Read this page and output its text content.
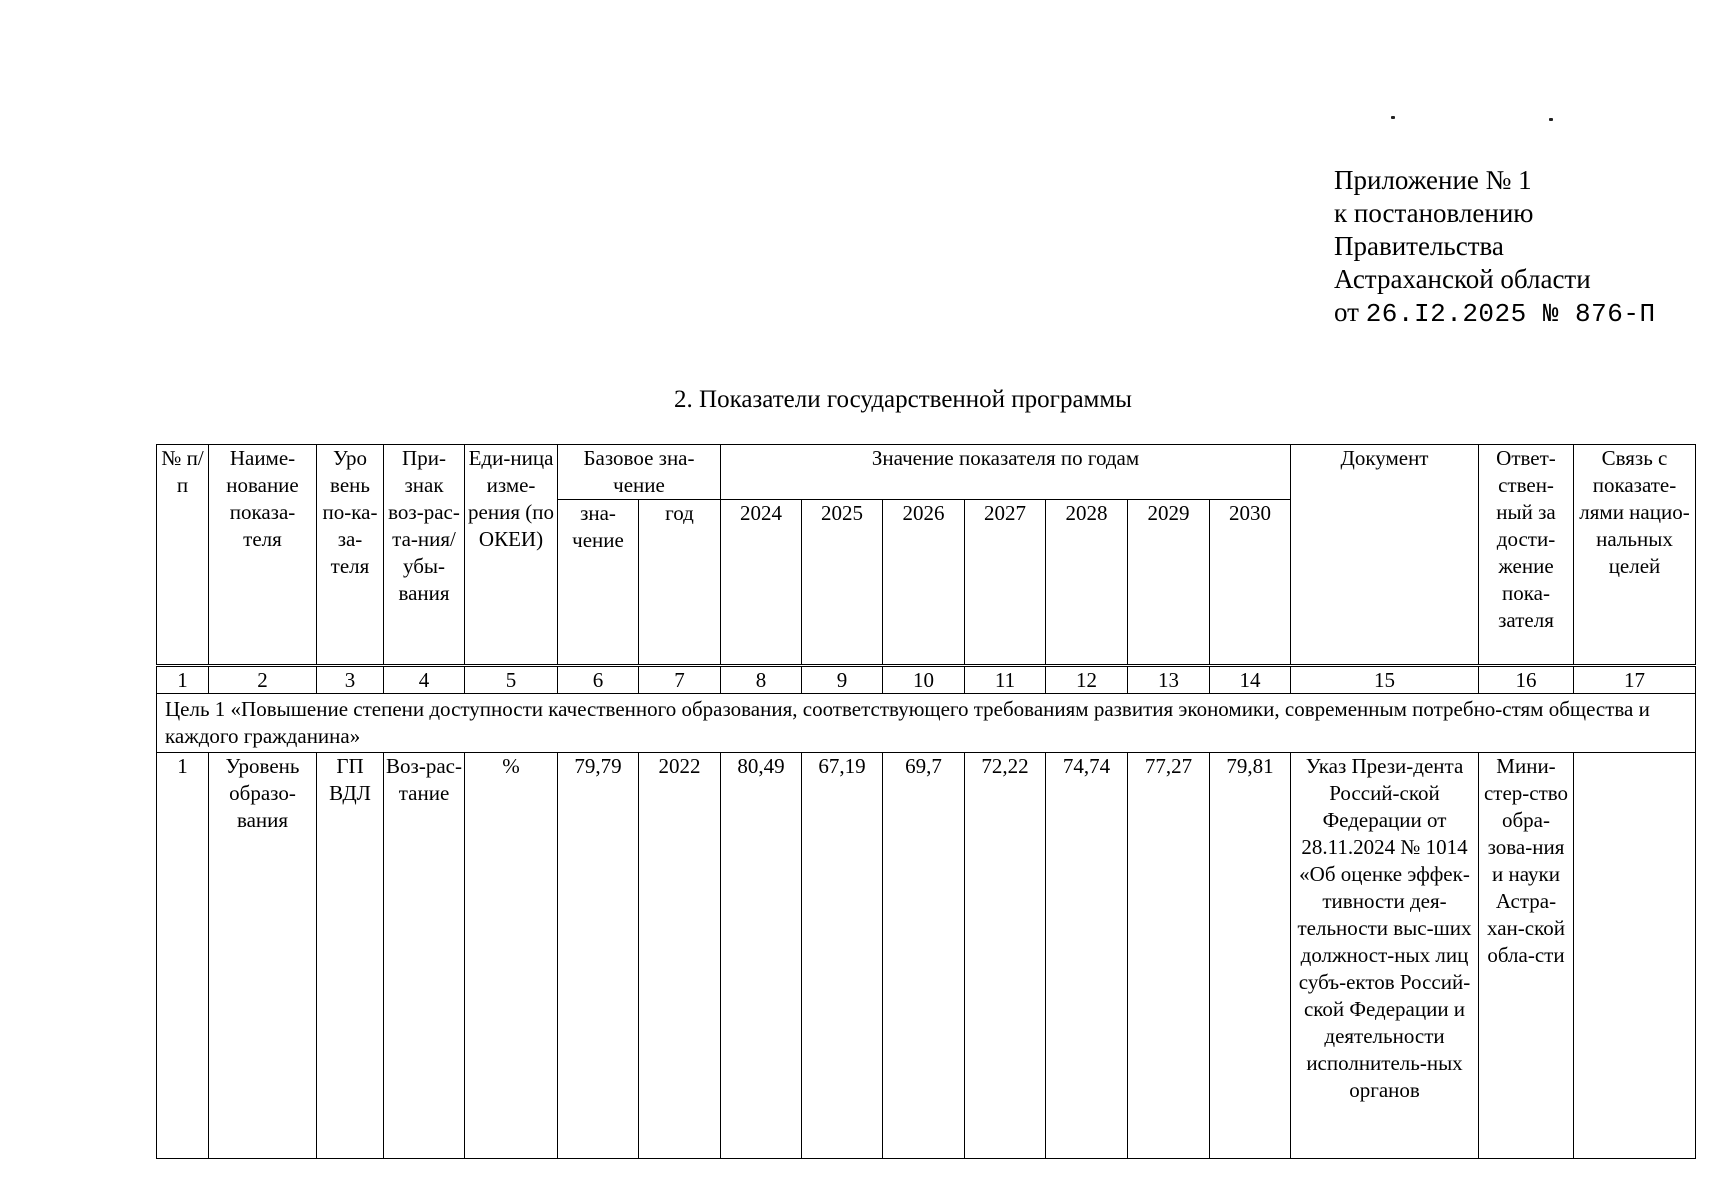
Приложение № 1
к постановлению
Правительства
Астраханской области
от 26.I2.2025 № 876-П
2. Показатели государственной программы
№ п/п	Наиме-нование показа-теля	Уро вень по-ка-за-теля	При-знак воз-рас-та-ния/ убы-вания	Еди-ница изме-рения (по ОКЕИ)	Базовое зна-чение		Значение показателя по годам							Документ	Ответ-ствен-ный за дости-жение пока-зателя	Связь с показате-лями нацио-нальных целей
					зна-чение	год	2024	2025	2026	2027	2028	2029	2030			
1	2	3	4	5	6	7	8	9	10	11	12	13	14	15	16	17
Цель 1 «Повышение степени доступности качественного образования, соответствующего требованиям развития экономики, современным потребно-стям общества и каждого гражданина»																
1	Уровень образо-вания	ГП ВДЛ	Воз-рас-тание	%	79,79	2022	80,49	67,19	69,7	72,22	74,74	77,27	79,81	Указ Прези-дента Россий-ской Федерации от 28.11.2024 № 1014 «Об оценке эффек-тивности дея-тельности выс-ших должност-ных лиц субъ-ектов Россий-ской Федерации и деятельности исполнитель-ных органов	Мини-стер-ство обра-зова-ния и науки Астра-хан-ской обла-сти	
